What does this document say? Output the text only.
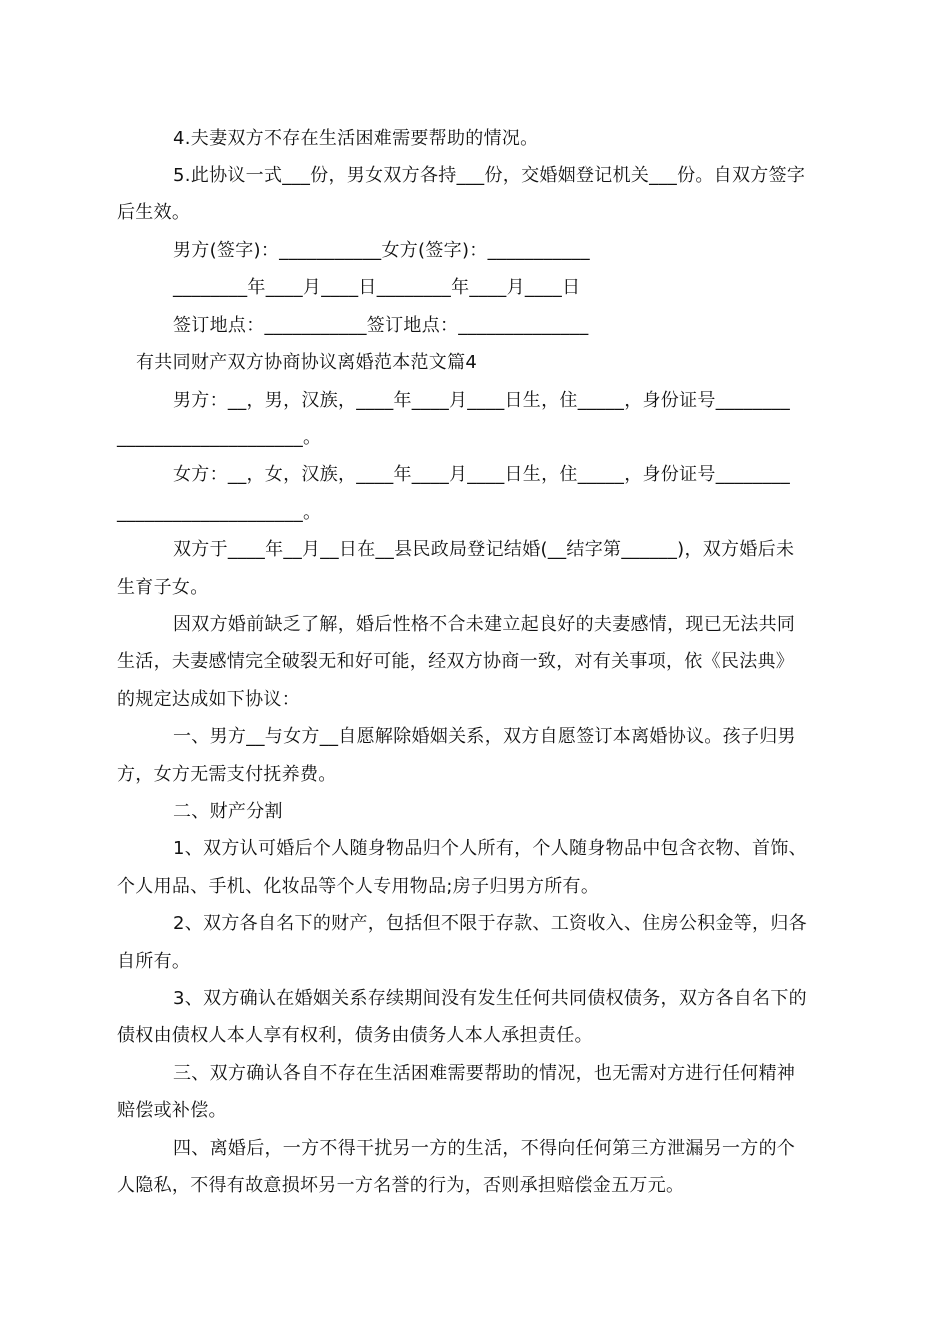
4.夫妻双方不存在生活困难需要帮助的情况。
5.此协议一式___份，男女双方各持___份，交婚姻登记机关___份。自双方签字
后生效。
男方(签字)：___________女方(签字)：___________
________年____月____日________年____月____日
签订地点：___________签订地点：______________
有共同财产双方协商协议离婚范本范文篇4
男方：__，男，汉族，____年____月____日生，住_____，身份证号________
____________________。
女方：__，女，汉族，____年____月____日生，住_____，身份证号________
____________________。
双方于____年__月__日在__县民政局登记结婚(__结字第______)，双方婚后未
生育子女。
因双方婚前缺乏了解，婚后性格不合未建立起良好的夫妻感情，现已无法共同
生活，夫妻感情完全破裂无和好可能，经双方协商一致，对有关事项，依《民法典》
的规定达成如下协议：
一、男方__与女方__自愿解除婚姻关系，双方自愿签订本离婚协议。孩子归男
方，女方无需支付抚养费。
二、财产分割
1、双方认可婚后个人随身物品归个人所有，个人随身物品中包含衣物、首饰、
个人用品、手机、化妆品等个人专用物品;房子归男方所有。
2、双方各自名下的财产，包括但不限于存款、工资收入、住房公积金等，归各
自所有。
3、双方确认在婚姻关系存续期间没有发生任何共同债权债务，双方各自名下的
债权由债权人本人享有权利，债务由债务人本人承担责任。
三、双方确认各自不存在生活困难需要帮助的情况，也无需对方进行任何精神
赔偿或补偿。
四、离婚后，一方不得干扰另一方的生活，不得向任何第三方泄漏另一方的个
人隐私，不得有故意损坏另一方名誉的行为，否则承担赔偿金五万元。
